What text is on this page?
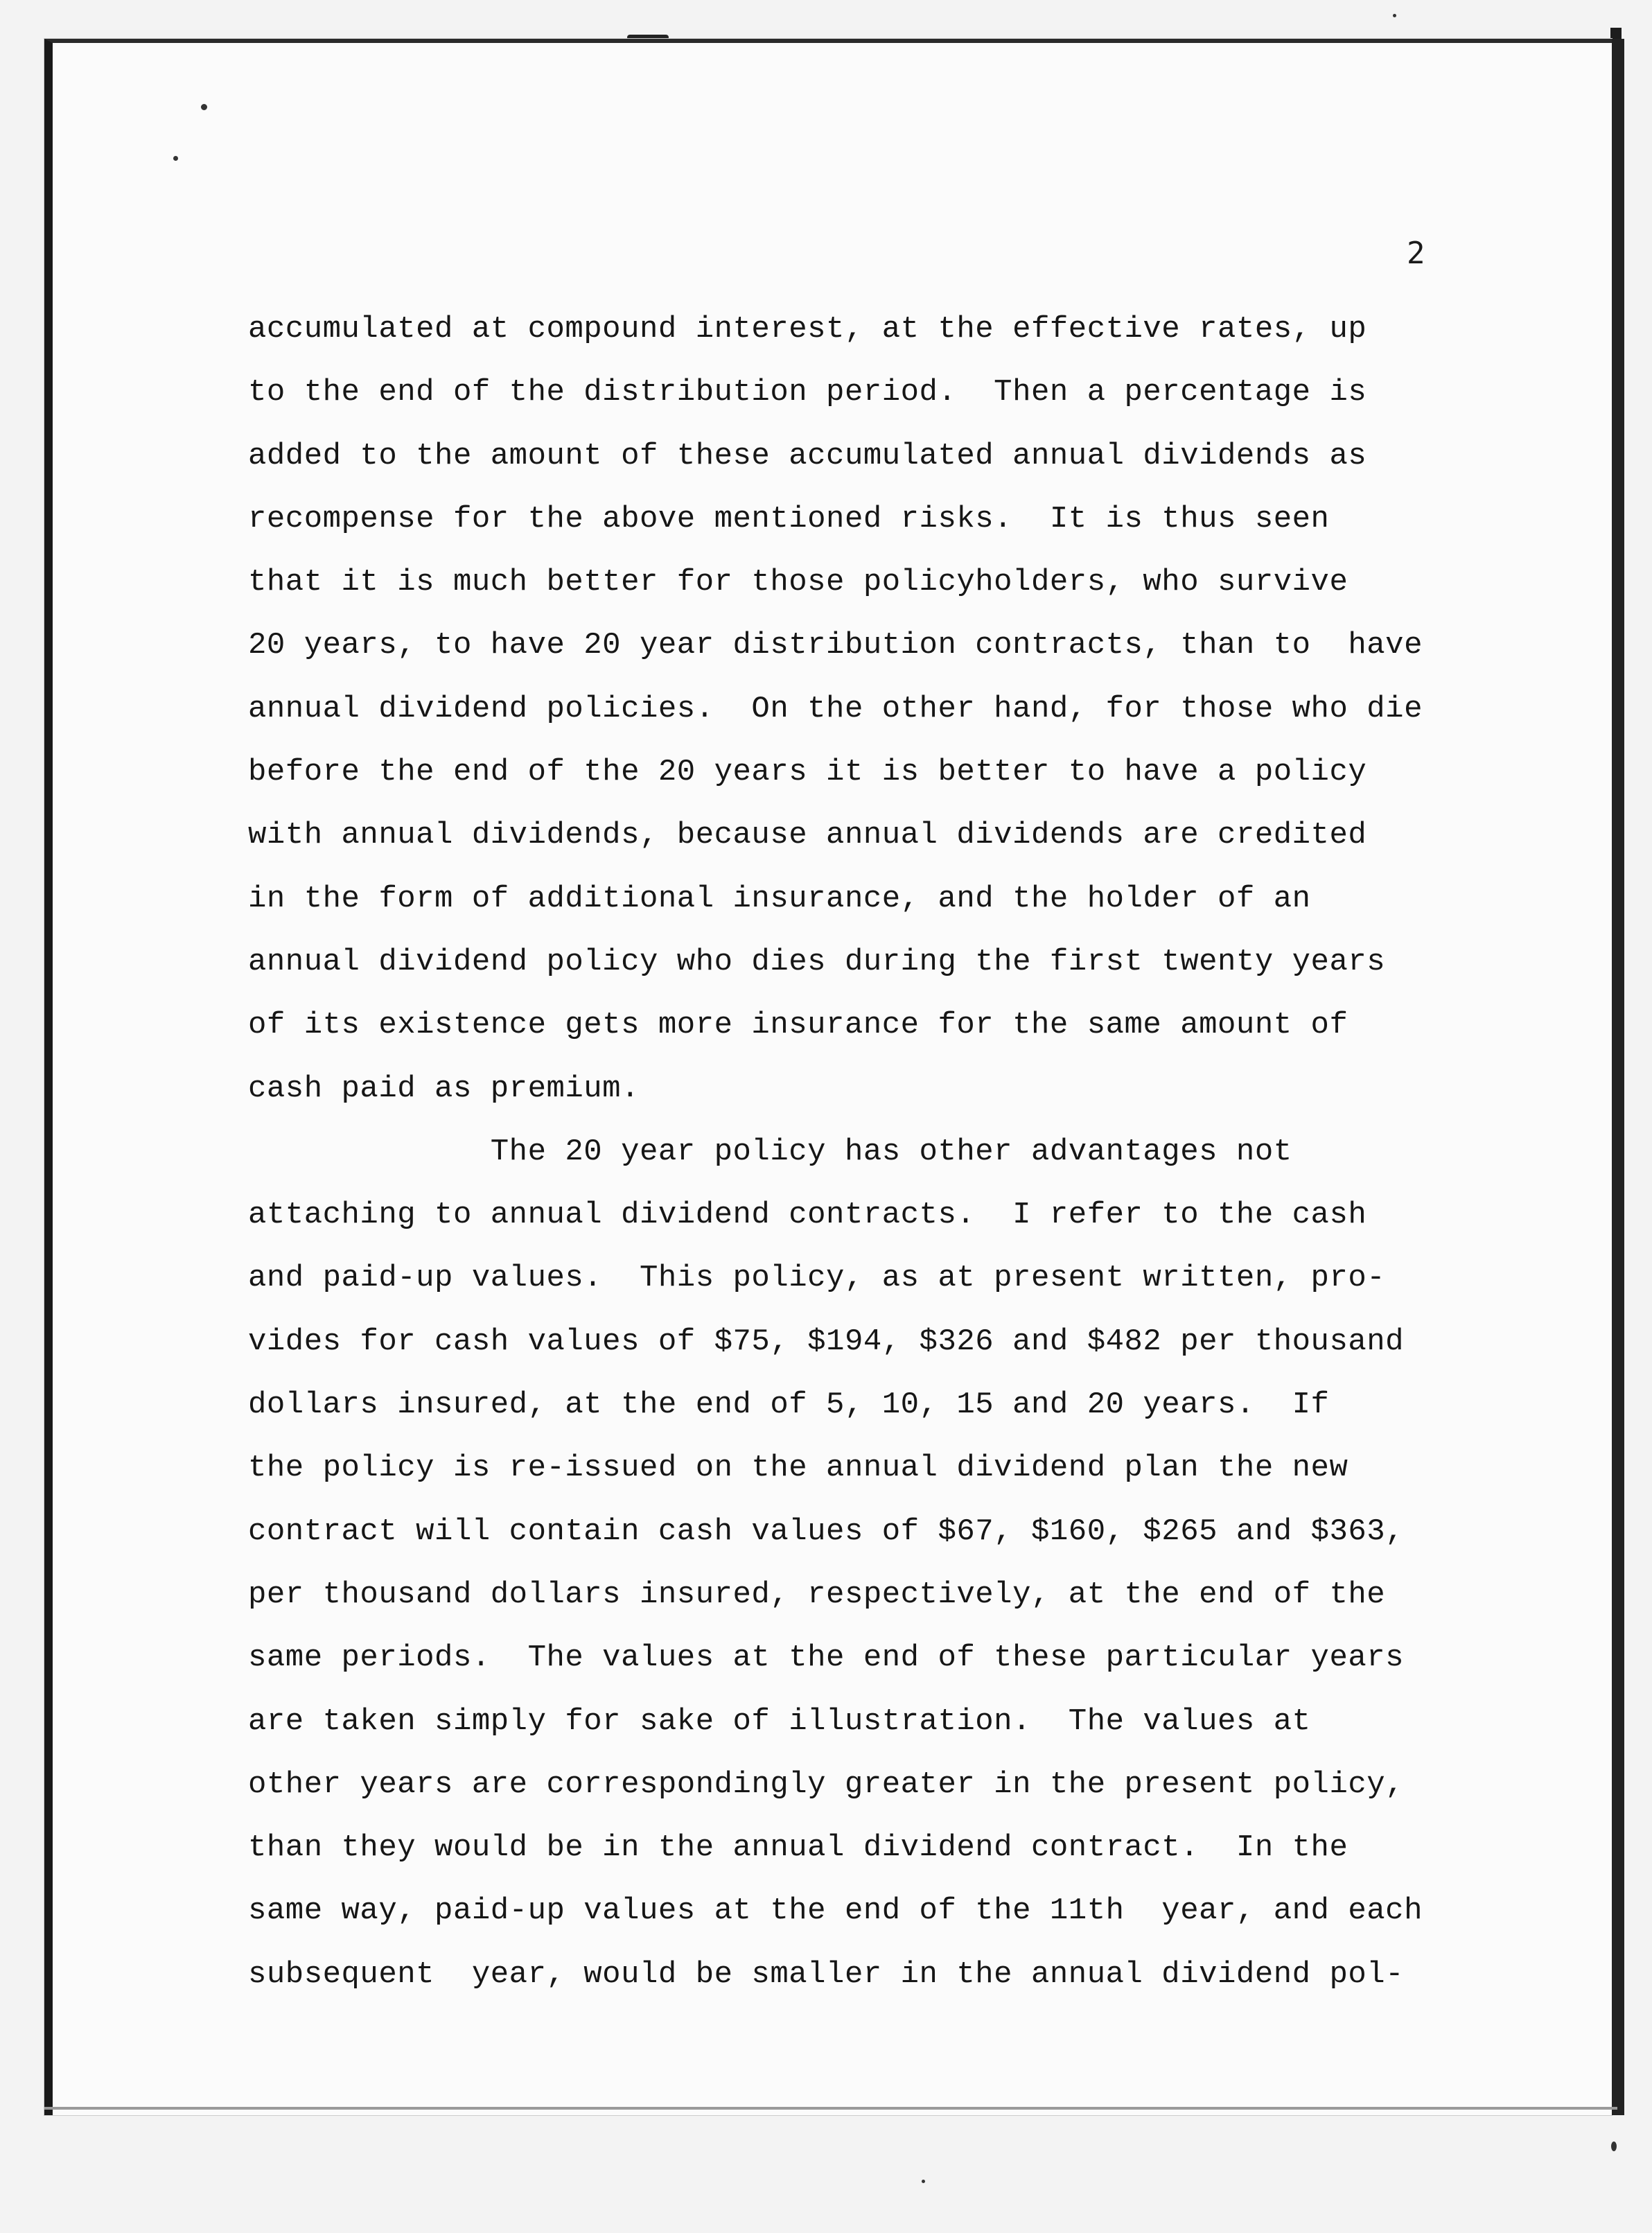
2
accumulated at compound interest, at the effective rates, up
to the end of the distribution period.  Then a percentage is
added to the amount of these accumulated annual dividends as
recompense for the above mentioned risks.  It is thus seen
that it is much better for those policyholders, who survive
20 years, to have 20 year distribution contracts, than to  have
annual dividend policies.  On the other hand, for those who die
before the end of the 20 years it is better to have a policy
with annual dividends, because annual dividends are credited
in the form of additional insurance, and the holder of an
annual dividend policy who dies during the first twenty years
of its existence gets more insurance for the same amount of
cash paid as premium.
The 20 year policy has other advantages not
attaching to annual dividend contracts.  I refer to the cash
and paid-up values.  This policy, as at present written, pro-
vides for cash values of $75, $194, $326 and $482 per thousand
dollars insured, at the end of 5, 10, 15 and 20 years.  If
the policy is re-issued on the annual dividend plan the new
contract will contain cash values of $67, $160, $265 and $363,
per thousand dollars insured, respectively, at the end of the
same periods.  The values at the end of these particular years
are taken simply for sake of illustration.  The values at
other years are correspondingly greater in the present policy,
than they would be in the annual dividend contract.  In the
same way, paid-up values at the end of the 11th  year, and each
subsequent  year, would be smaller in the annual dividend pol-
